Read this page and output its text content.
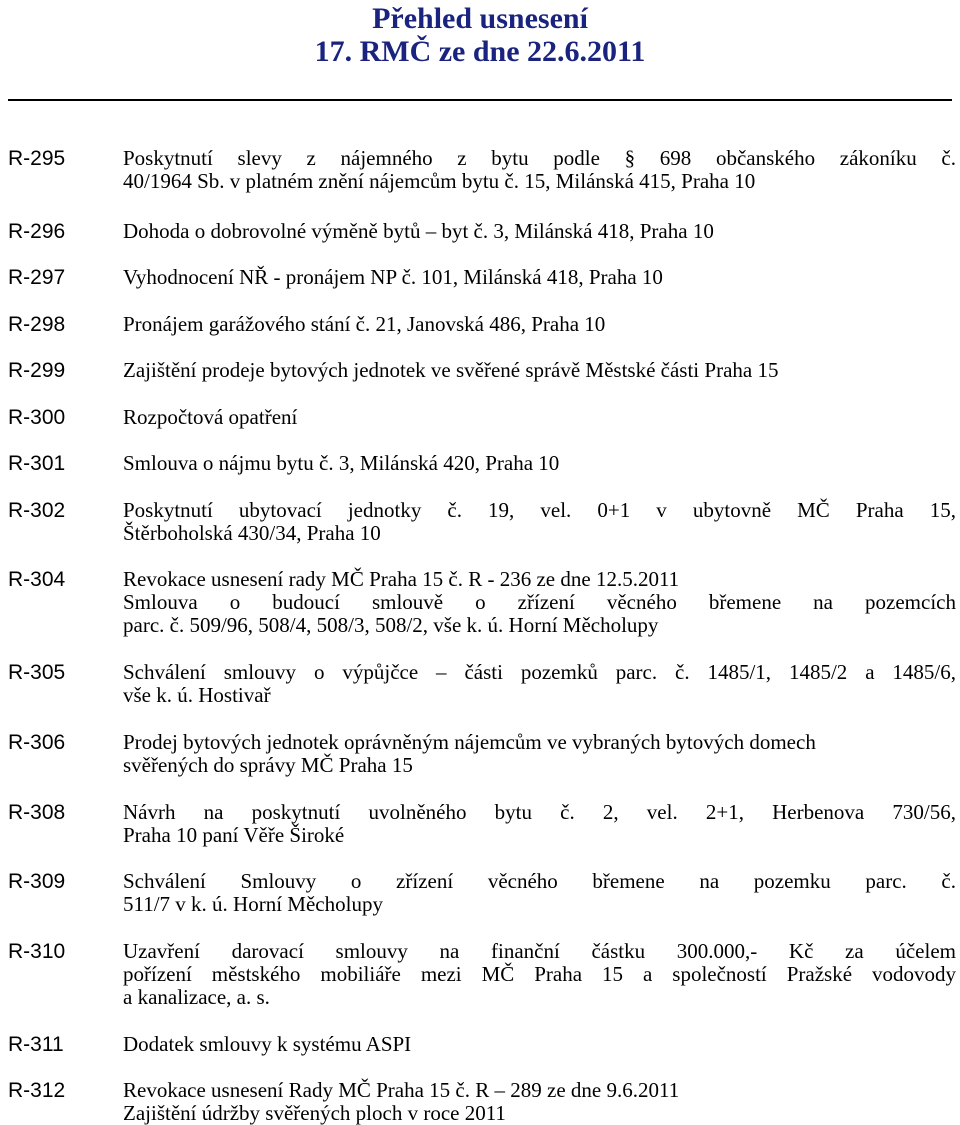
Přehled usnesení
17. RMČ ze dne 22.6.2011
R-295	Poskytnutí slevy z nájemného z bytu podle § 698 občanského zákoníku č.
40/1964 Sb. v platném znění nájemcům bytu č. 15, Milánská 415, Praha 10
R-296	Dohoda o dobrovolné výměně bytů – byt č. 3, Milánská 418, Praha 10
R-297	Vyhodnocení NŘ - pronájem NP č. 101, Milánská 418, Praha 10
R-298	Pronájem garážového stání č. 21, Janovská 486, Praha 10
R-299	Zajištění prodeje bytových jednotek ve svěřené správě Městské části Praha 15
R-300	Rozpočtová opatření
R-301	Smlouva o nájmu bytu č. 3, Milánská 420, Praha 10
R-302	Poskytnutí ubytovací jednotky č. 19, vel. 0+1 v ubytovně MČ Praha 15,
Štěrboholská 430/34, Praha 10
R-304	Revokace usnesení rady MČ Praha 15 č. R - 236 ze dne 12.5.2011
Smlouva o budoucí smlouvě o zřízení věcného břemene na pozemcích
parc. č. 509/96, 508/4, 508/3, 508/2, vše k. ú. Horní Měcholupy
R-305	Schválení smlouvy o výpůjčce – části pozemků parc. č. 1485/1, 1485/2 a 1485/6,
vše k. ú. Hostivař
R-306	Prodej bytových jednotek oprávněným nájemcům ve vybraných bytových domech
svěřených do správy MČ Praha 15
R-308	Návrh na poskytnutí uvolněného bytu č. 2, vel. 2+1, Herbenova 730/56,
Praha 10 paní Věře Široké
R-309	Schválení Smlouvy o zřízení věcného břemene na pozemku parc. č.
511/7 v k. ú. Horní Měcholupy
R-310	Uzavření darovací smlouvy na finanční částku 300.000,- Kč za účelem
pořízení městského mobiliáře mezi MČ Praha 15 a společností Pražské vodovody
a kanalizace, a. s.
R-311	Dodatek smlouvy k systému ASPI
R-312	Revokace usnesení Rady MČ Praha 15 č. R – 289 ze dne 9.6.2011
Zajištění údržby svěřených ploch v roce 2011
